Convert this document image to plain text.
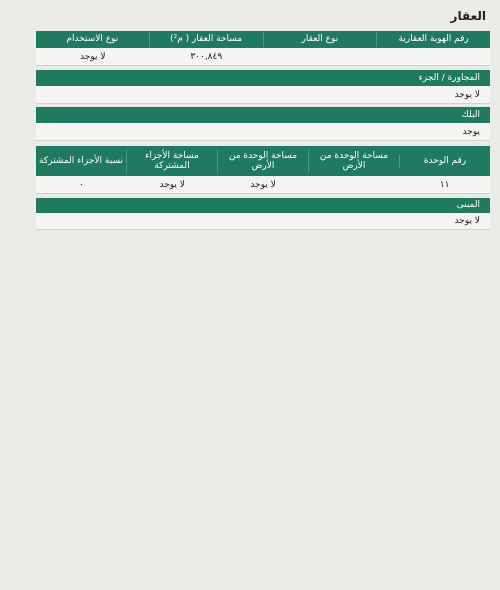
العقار
رقم الهوية العقارية
نوع العقار
مساحة العقار ( م²)
نوع الاستخدام
٣٠٠,٨٤٩
لا يوجد
المجاورة / الجزء
لا يوجد
البلك
يوجد
رقم الوحدة
مساحة الوحدة من الأرض
مساحة الوحدة من الأرض
مساحة الأجزاء المشتركة
نسبة الأجزاء المشتركة
١١
لا يوجد
لا يوجد
٠
المبنى
لا يوجد
